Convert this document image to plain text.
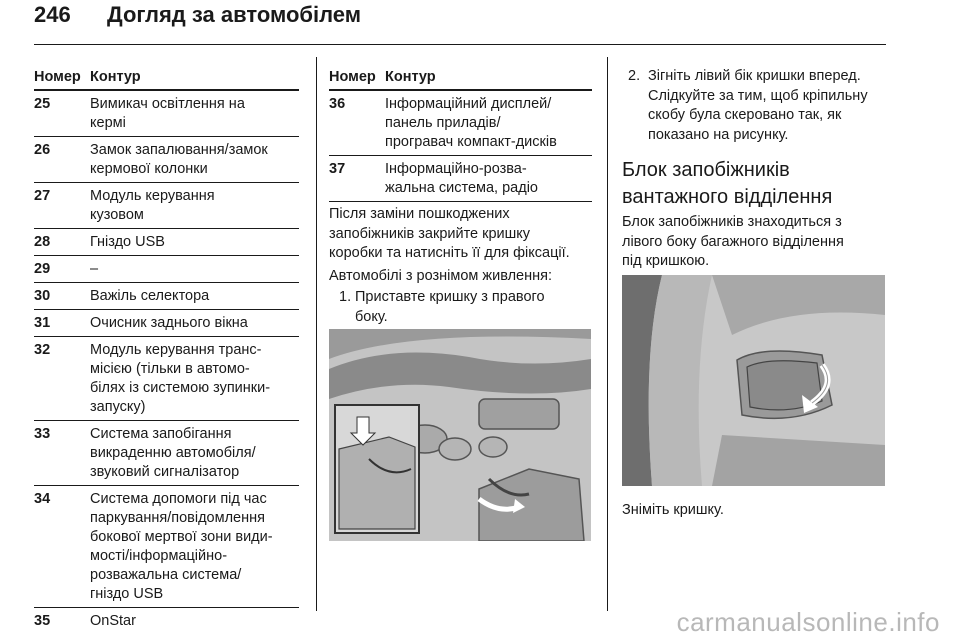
246 Догляд за автомобілем
Номер Контур
25	Вимикач освітлення на
кермі
26	Замок запалювання/замок
кермової колонки
27	Модуль керування
кузовом
28	Гніздо USB
29	–
30	Важіль селектора
31	Очисник заднього вікна
32	Модуль керування транс-
місією (тільки в автомо-
білях із системою зупинки-
запуску)
33	Система запобігання
викраденню автомобіля/
звуковий сигналізатор
34	Система допомоги під час
паркування/повідомлення
бокової мертвої зони види-
мості/інформаційно-
розважальна система/
гніздо USB
35	OnStar
Номер Контур
36	Інформаційний дисплей/
панель приладів/
програвач компакт-дисків
37	Інформаційно-розва-
жальна система, радіо
Після заміни пошкоджених
запобіжників закрийте кришку
коробки та натисніть її для фіксації.
Автомобілі з рознімом живлення:
1. Приставте кришку з правого
боку.
2. Зігніть лівий бік кришки вперед.
Слідкуйте за тим, щоб кріпильну
скобу була скеровано так, як
показано на рисунку.
Блок запобіжників
вантажного відділення
Блок запобіжників знаходиться з
лівого боку багажного відділення
під кришкою.
Зніміть кришку.
carmanualsonline.info
